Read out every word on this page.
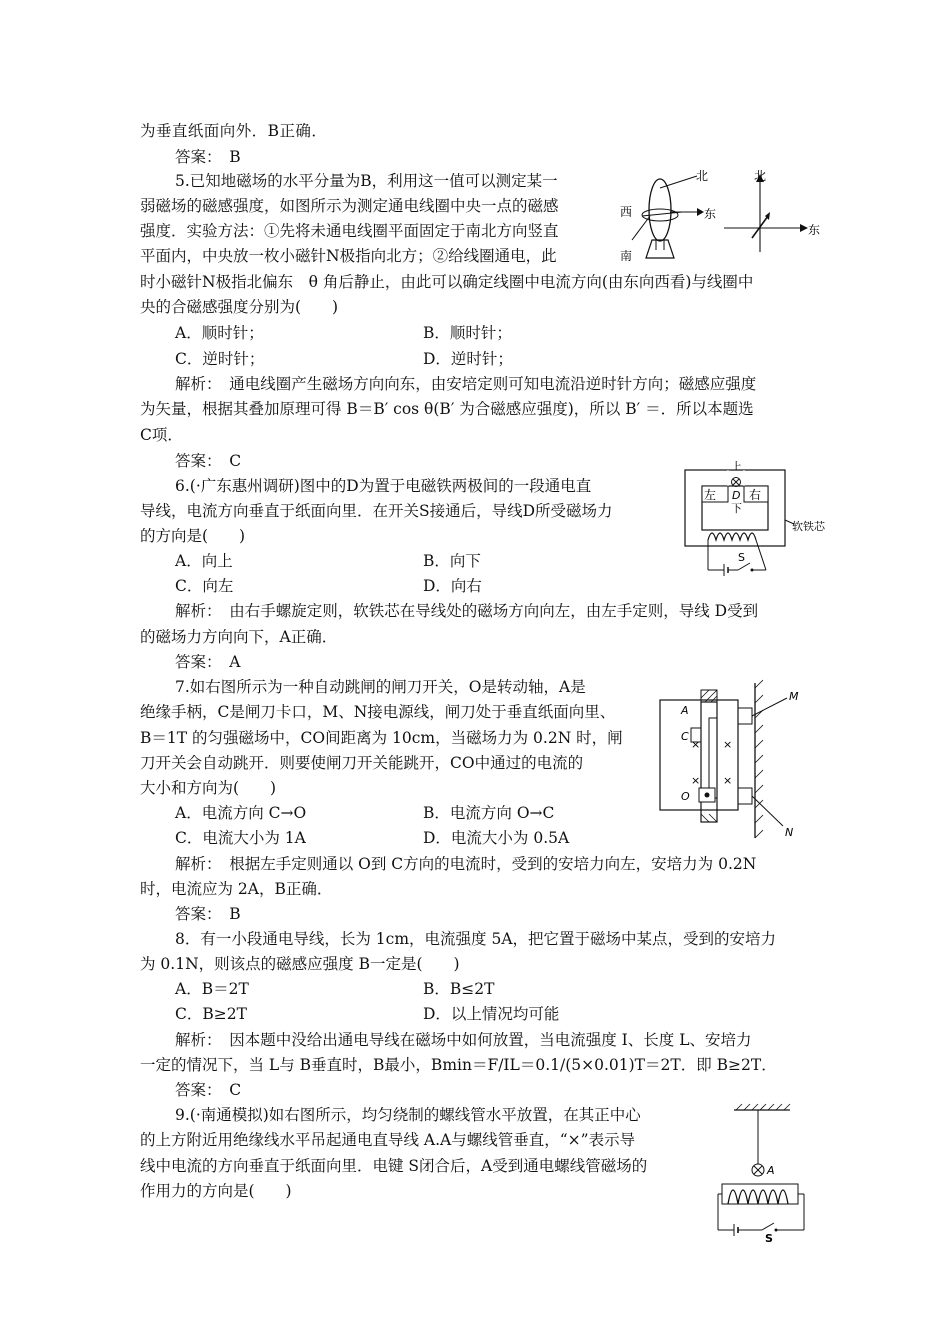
为垂直纸面向外．B正确．
答案：　B
5.已知地磁场的水平分量为B，利用这一值可以测定某一
弱磁场的磁感强度，如图所示为测定通电线圈中央一点的磁感
强度．实验方法：①先将未通电线圈平面固定于南北方向竖直
平面内，中央放一枚小磁针N极指向北方；②给线圈通电，此
时小磁针N极指北偏东　θ 角后静止，由此可以确定线圈中电流方向(由东向西看)与线圈中
央的合磁感强度分别为(　　)
A．顺时针；	B．顺时针；
C．逆时针；	D．逆时针；
解析：　通电线圈产生磁场方向向东，由安培定则可知电流沿逆时针方向；磁感应强度
为矢量，根据其叠加原理可得 B＝B′ cos θ(B′ 为合磁感应强度)，所以 B′ ＝．所以本题选
C项．
答案：　C
北
西	东
南
北
东
6.(·广东惠州调研)图中的D为置于电磁铁两极间的一段通电直
导线，电流方向垂直于纸面向里．在开关S接通后，导线D所受磁场力
的方向是(　　)
A．向上	B．向下
C．向左	D．向右
解析：　由右手螺旋定则，软铁芯在导线处的磁场方向向左，由左手定则，导线 D受到
的磁场力方向向下，A正确．
答案：　A
左	右
上
D
下
S
软铁芯
7.如右图所示为一种自动跳闸的闸刀开关，O是转动轴，A是
绝缘手柄，C是闸刀卡口，M、N接电源线，闸刀处于垂直纸面向里、
B＝1T 的匀强磁场中，CO间距离为 10cm，当磁场力为 0.2N 时，闸
刀开关会自动跳开．则要使闸刀开关能跳开，CO中通过的电流的
大小和方向为(　　)
A．电流方向 C→O	B．电流方向 O→C
C．电流大小为 1A	D．电流大小为 0.5A
解析：　根据左手定则通以 O到 C方向的电流时，受到的安培力向左，安培力为 0.2N
时，电流应为 2A，B正确．
答案：　B
× ×
× ×
M
A
C
O
N
8．有一小段通电导线，长为 1cm，电流强度 5A，把它置于磁场中某点，受到的安培力
为 0.1N，则该点的磁感应强度 B一定是(　　)
A．B＝2T	B．B≤2T
C．B≥2T	D．以上情况均可能
解析：　因本题中没给出通电导线在磁场中如何放置，当电流强度 I、长度 L、安培力
一定的情况下，当 L与 B垂直时，B最小，Bmin＝F/IL＝0.1/(5×0.01)T＝2T．即 B≥2T．
答案：　C
9.(·南通模拟)如右图所示，均匀绕制的螺线管水平放置，在其正中心
的上方附近用绝缘线水平吊起通电直导线 A.A与螺线管垂直，“×”表示导
线中电流的方向垂直于纸面向里．电键 S闭合后，A受到通电螺线管磁场的
作用力的方向是(　　)
A
S
